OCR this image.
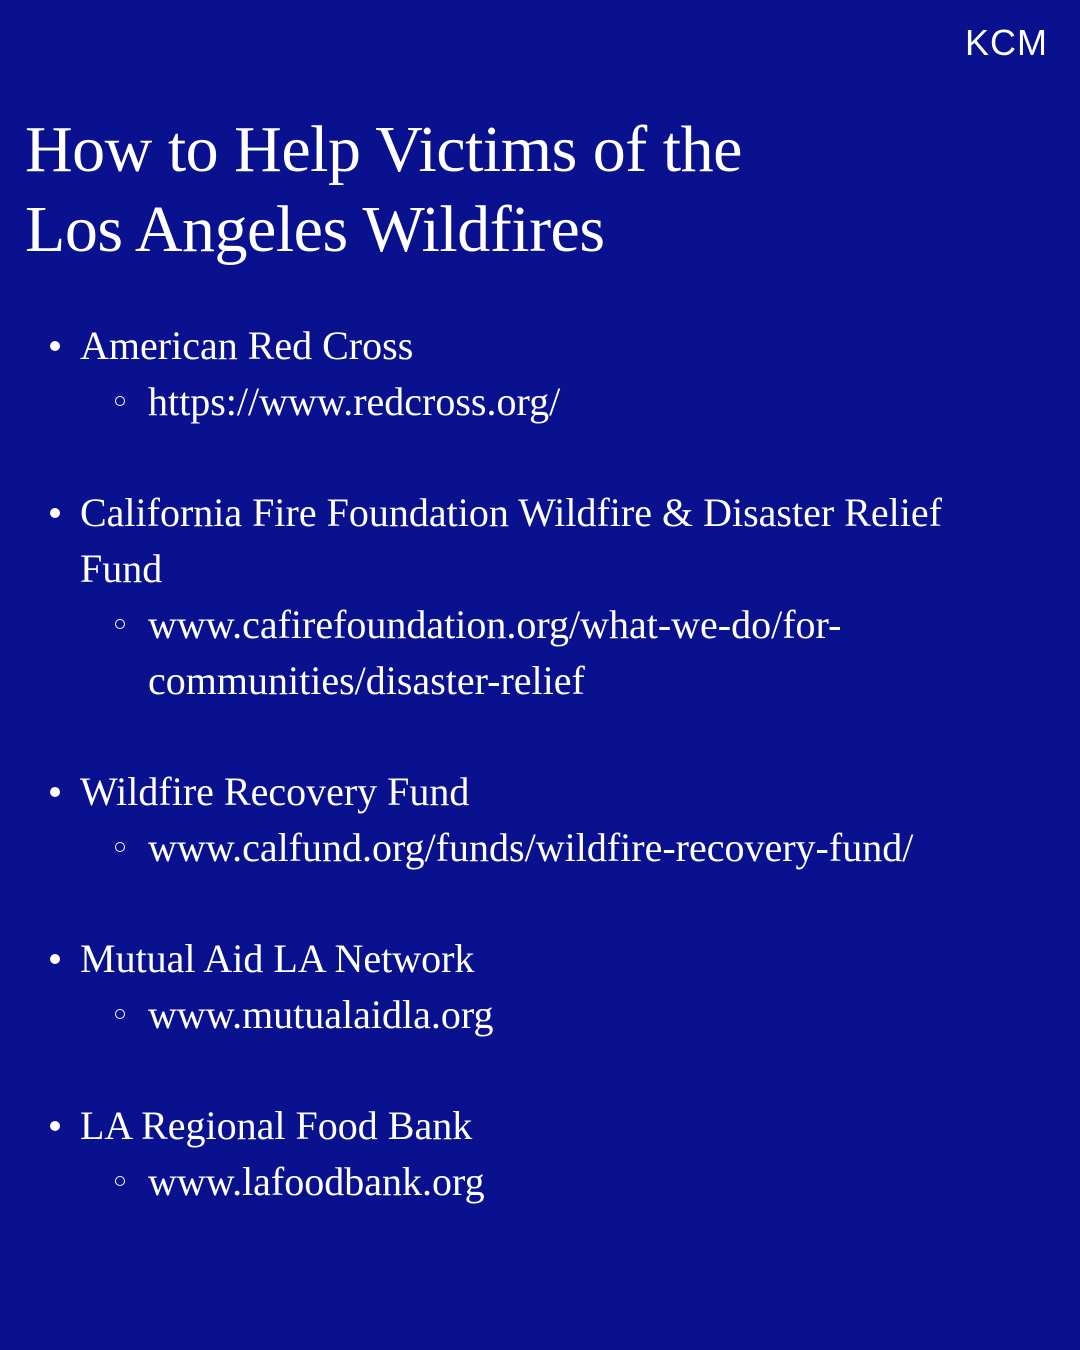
KCM
How to Help Victims of the
Los Angeles Wildfires
American Red Cross
https://www.redcross.org/
California Fire Foundation Wildfire & Disaster Relief Fund
www.cafirefoundation.org/what-we-do/for-communities/disaster-relief
Wildfire Recovery Fund
www.calfund.org/funds/wildfire-recovery-fund/
Mutual Aid LA Network
www.mutualaidla.org
LA Regional Food Bank
www.lafoodbank.org
